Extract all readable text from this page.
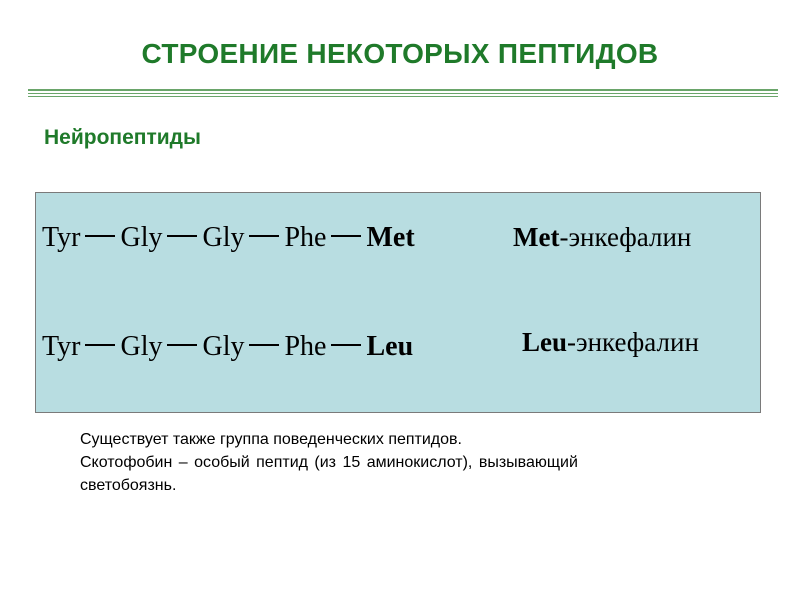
СТРОЕНИЕ НЕКОТОРЫХ ПЕПТИДОВ
Нейропептиды
Tyr Gly Gly Phe Met	Met-энкефалин
Tyr Gly Gly Phe Leu	Leu-энкефалин
Существует также группа поведенческих пептидов.
Скотофобин – особый пептид (из 15 аминокислот), вызывающий
светобоязнь.
